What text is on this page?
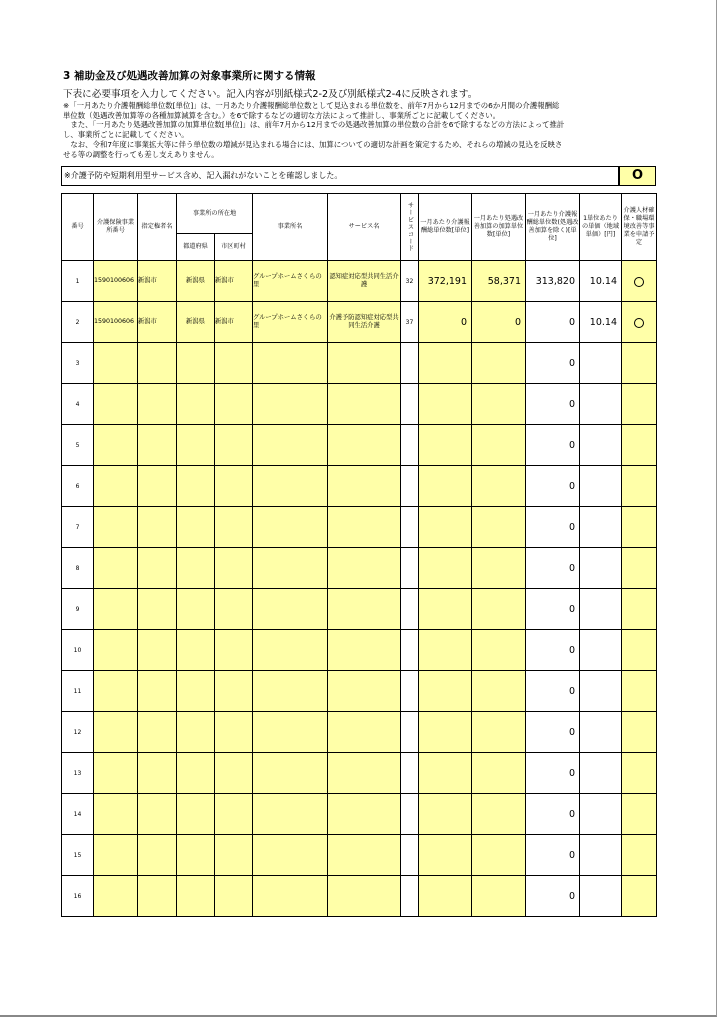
3 補助金及び処遇改善加算の対象事業所に関する情報
下表に必要事項を入力してください。記入内容が別紙様式2-2及び別紙様式2-4に反映されます。
※「一月あたり介護報酬総単位数[単位]」は、一月あたり介護報酬総単位数として見込まれる単位数を、前年7月から12月までの6か月間の介護報酬総
単位数（処遇改善加算等の各種加算減算を含む。）を6で除するなどの適切な方法によって推計し、事業所ごとに記載してください。
　また、「一月あたり処遇改善加算の加算単位数[単位]」は、前年7月から12月までの処遇改善加算の単位数の合計を6で除するなどの方法によって推計
し、事業所ごとに記載してください。
　なお、令和7年度に事業拡大等に伴う単位数の増減が見込まれる場合には、加算についての適切な計画を策定するため、それらの増減の見込を反映さ
せる等の調整を行っても差し支えありません。
※介護予防や短期利用型サービス含め、記入漏れがないことを確認しました。	O
番号	介護保険事業所番号	指定権者名	事業所の所在地		事業所名	サービス名	サービスコード	一月あたり介護報酬総単位数[単位]	一月あたり処遇改善加算の加算単位数[単位]	一月あたり介護報酬総単位数(処遇改善加算を除く)[単位]	1単位あたりの単価（地域単価）[円]	介護人材確保・職場環境改善等事業を申請予定
			都道府県	市区町村								
1	1590100606	新潟市	新潟県	新潟市	グループホームさくらの里	認知症対応型共同生活介護	32	372,191	58,371	313,820	10.14	
2	1590100606	新潟市	新潟県	新潟市	グループホームさくらの里	介護予防認知症対応型共同生活介護	37	0	0	0	10.14	
3										0		
4										0		
5										0		
6										0		
7										0		
8										0		
9										0		
10										0		
11										0		
12										0		
13										0		
14										0		
15										0		
16										0		
